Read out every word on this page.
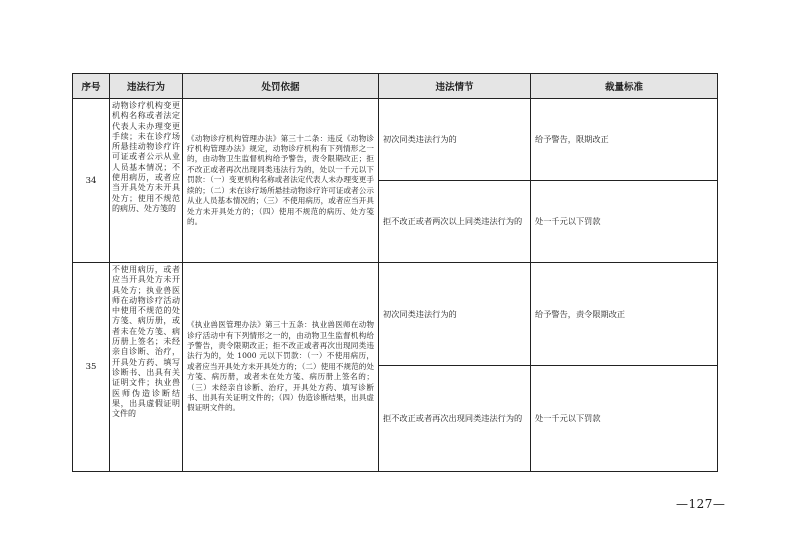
序号	违法行为	处罚依据	违法情节	裁量标准
34	动物诊疗机构变更机构名称或者法定代表人未办理变更手续；未在诊疗场所悬挂动物诊疗许可证或者公示从业人员基本情况；不使用病历，或者应当开具处方未开具处方；使用不规范的病历、处方笺的	《动物诊疗机构管理办法》第三十二条：违反《动物诊疗机构管理办法》规定，动物诊疗机构有下列情形之一的，由动物卫生监督机构给予警告，责令限期改正；拒不改正或者再次出现同类违法行为的，处以一千元以下罚款：（一）变更机构名称或者法定代表人未办理变更手续的；（二）未在诊疗场所悬挂动物诊疗许可证或者公示从业人员基本情况的；（三）不使用病历，或者应当开具处方未开具处方的；（四）使用不规范的病历、处方笺的。	初次同类违法行为的	给予警告，限期改正
			拒不改正或者两次以上同类违法行为的	处一千元以下罚款
35	不使用病历，或者应当开具处方未开具处方；执业兽医师在动物诊疗活动中使用不规范的处方笺、病历册，或者未在处方笺、病历册上签名；未经亲自诊断、治疗，开具处方药、填写诊断书、出具有关证明文件；执业兽医师伪造诊断结果，出具虚假证明文件的	《执业兽医管理办法》第三十五条：执业兽医师在动物诊疗活动中有下列情形之一的，由动物卫生监督机构给予警告，责令限期改正；拒不改正或者再次出现同类违法行为的，处 1000 元以下罚款：（一）不使用病历，或者应当开具处方未开具处方的；（二）使用不规范的处方笺、病历册，或者未在处方笺、病历册上签名的；（三）未经亲自诊断、治疗，开具处方药、填写诊断书、出具有关证明文件的；（四）伪造诊断结果，出具虚假证明文件的。	初次同类违法行为的	给予警告，责令限期改正
			拒不改正或者再次出现同类违法行为的	处一千元以下罚款
—127—
